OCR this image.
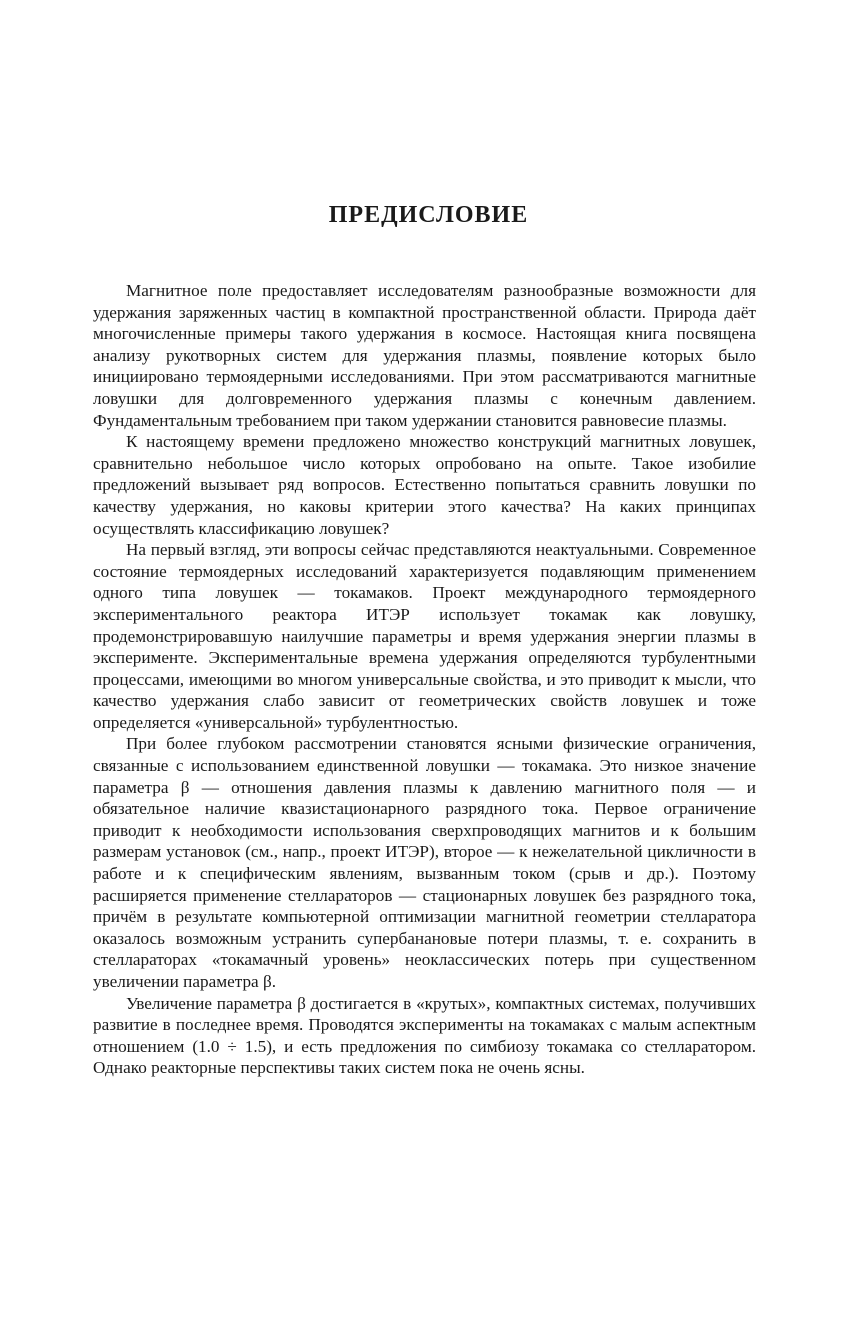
ПРЕДИСЛОВИЕ

Магнитное поле предоставляет исследователям разнообразные возможности для удержания заряженных частиц в компактной пространственной области. Природа даёт многочисленные примеры такого удержания в космосе. Настоящая книга посвящена анализу рукотворных систем для удержания плазмы, появление которых было инициировано термоядерными исследованиями. При этом рассматриваются магнитные ловушки для долговременного удержания плазмы с конечным давлением. Фундаментальным требованием при таком удержании становится равновесие плазмы.

К настоящему времени предложено множество конструкций магнитных ловушек, сравнительно небольшое число которых опробовано на опыте. Такое изобилие предложений вызывает ряд вопросов. Естественно попытаться сравнить ловушки по качеству удержания, но каковы критерии этого качества? На каких принципах осуществлять классификацию ловушек?

На первый взгляд, эти вопросы сейчас представляются неактуальными. Современное состояние термоядерных исследований характеризуется подавляющим применением одного типа ловушек — токамаков. Проект международного термоядерного экспериментального реактора ИТЭР использует токамак как ловушку, продемонстрировавшую наилучшие параметры и время удержания энергии плазмы в эксперименте. Экспериментальные времена удержания определяются турбулентными процессами, имеющими во многом универсальные свойства, и это приводит к мысли, что качество удержания слабо зависит от геометрических свойств ловушек и тоже определяется «универсальной» турбулентностью.

При более глубоком рассмотрении становятся ясными физические ограничения, связанные с использованием единственной ловушки — токамака. Это низкое значение параметра β — отношения давления плазмы к давлению магнитного поля — и обязательное наличие квазистационарного разрядного тока. Первое ограничение приводит к необходимости использования сверхпроводящих магнитов и к большим размерам установок (см., напр., проект ИТЭР), второе — к нежелательной цикличности в работе и к специфическим явлениям, вызванным током (срыв и др.). Поэтому расширяется применение стеллараторов — стационарных ловушек без разрядного тока, причём в результате компьютерной оптимизации магнитной геометрии стелларатора оказалось возможным устранить супербанановые потери плазмы, т. е. сохранить в стеллараторах «токамачный уровень» неоклассических потерь при существенном увеличении параметра β.

Увеличение параметра β достигается в «крутых», компактных системах, получивших развитие в последнее время. Проводятся эксперименты на токамаках с малым аспектным отношением (1.0 ÷ 1.5), и есть предложения по симбиозу токамака со стелларатором. Однако реакторные перспективы таких систем пока не очень ясны.
